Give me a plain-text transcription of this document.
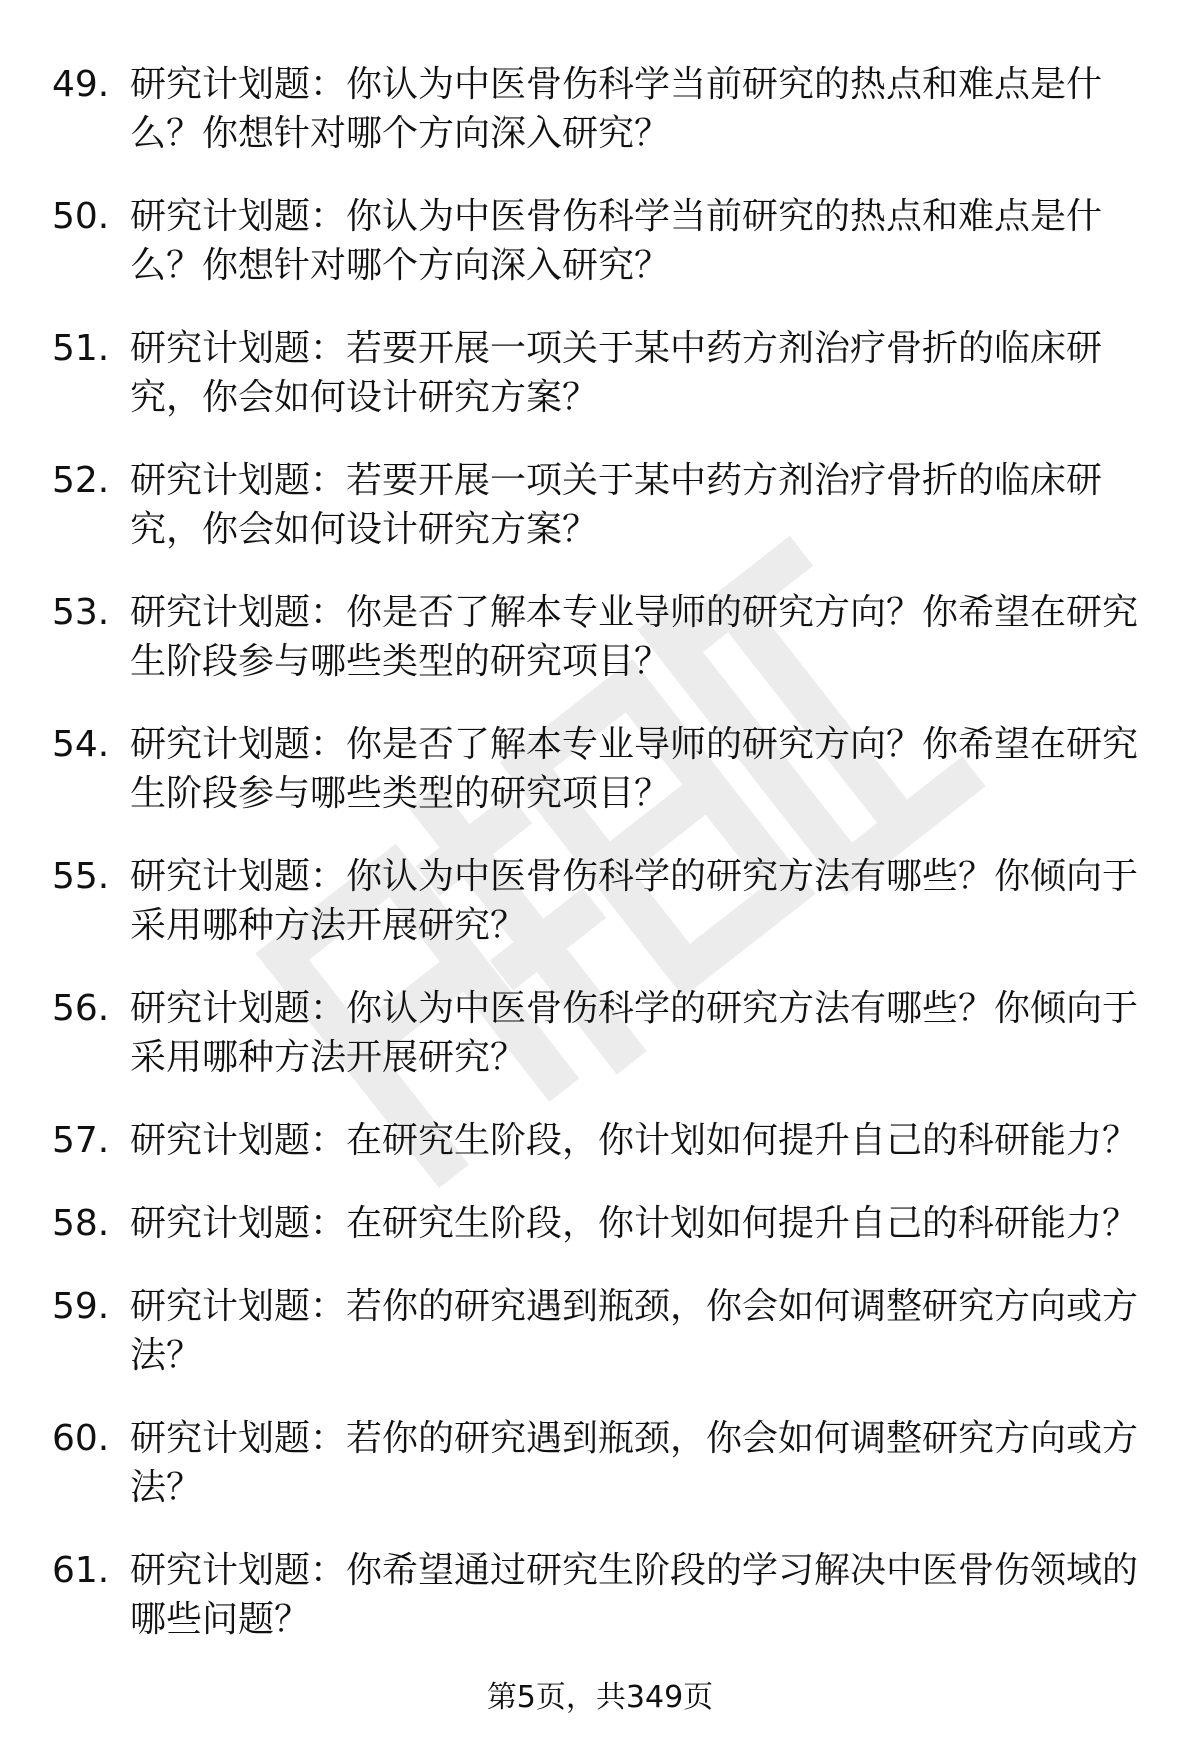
49. 研究计划题：你认为中医骨伤科学当前研究的热点和难点是什么？你想针对哪个方向深入研究？
50. 研究计划题：你认为中医骨伤科学当前研究的热点和难点是什么？你想针对哪个方向深入研究？
51. 研究计划题：若要开展一项关于某中药方剂治疗骨折的临床研究，你会如何设计研究方案？
52. 研究计划题：若要开展一项关于某中药方剂治疗骨折的临床研究，你会如何设计研究方案？
53. 研究计划题：你是否了解本专业导师的研究方向？你希望在研究生阶段参与哪些类型的研究项目？
54. 研究计划题：你是否了解本专业导师的研究方向？你希望在研究生阶段参与哪些类型的研究项目？
55. 研究计划题：你认为中医骨伤科学的研究方法有哪些？你倾向于采用哪种方法开展研究？
56. 研究计划题：你认为中医骨伤科学的研究方法有哪些？你倾向于采用哪种方法开展研究？
57. 研究计划题：在研究生阶段，你计划如何提升自己的科研能力？
58. 研究计划题：在研究生阶段，你计划如何提升自己的科研能力？
59. 研究计划题：若你的研究遇到瓶颈，你会如何调整研究方向或方法？
60. 研究计划题：若你的研究遇到瓶颈，你会如何调整研究方向或方法？
61. 研究计划题：你希望通过研究生阶段的学习解决中医骨伤领域的哪些问题？
第5页，共349页
